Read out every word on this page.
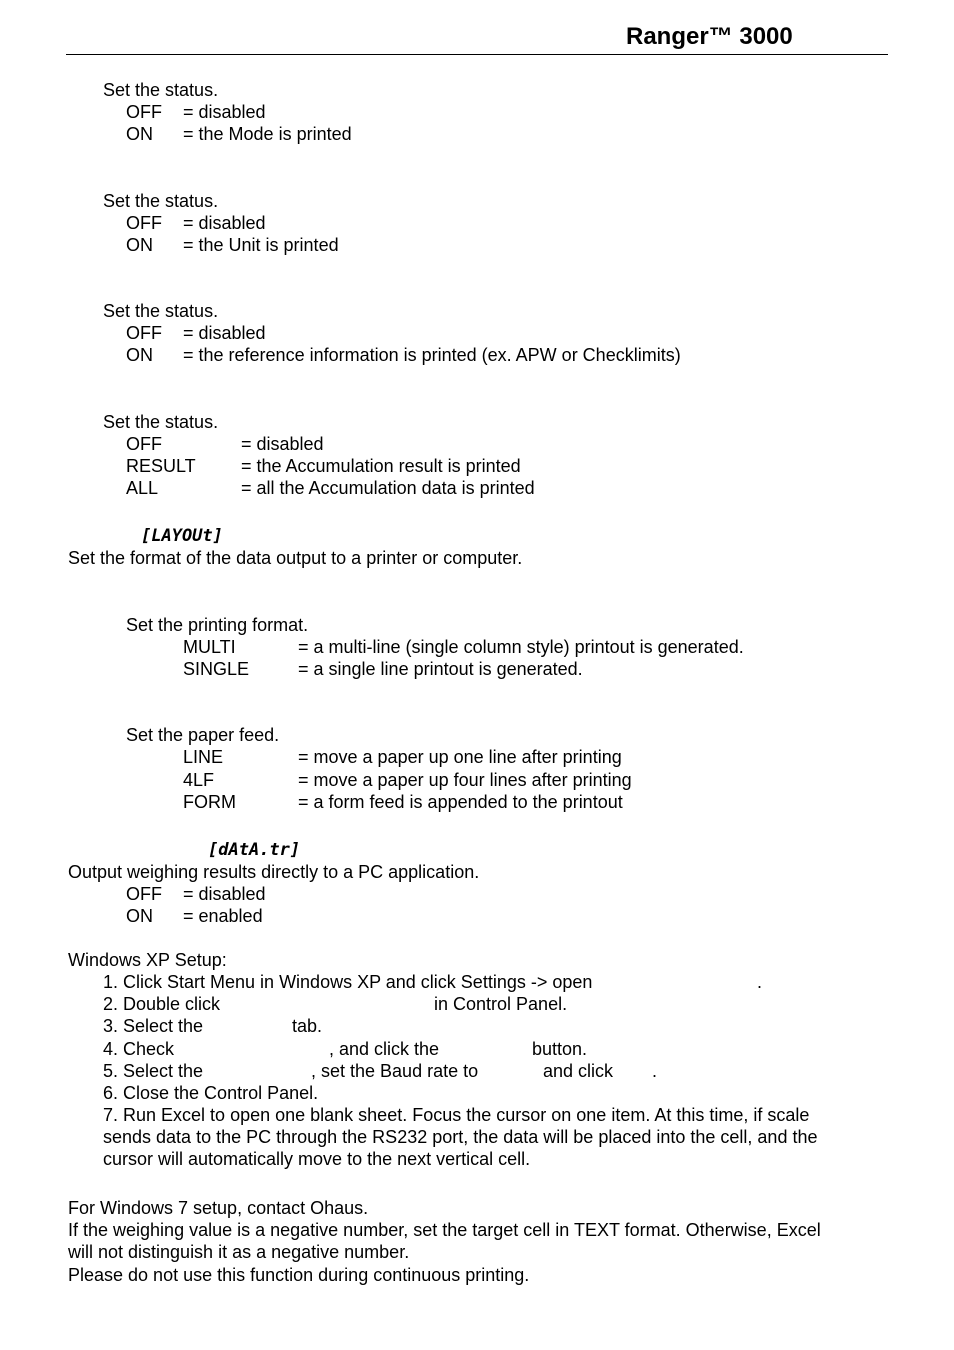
Ranger™ 3000
Set the status.
OFF = disabled
ON = the Mode is printed
Set the status.
OFF = disabled
ON = the Unit is printed
Set the status.
OFF = disabled
ON = the reference information is printed (ex. APW or Checklimits)
Set the status.
OFF	= disabled
RESULT	= the Accumulation result is printed
ALL	= all the Accumulation data is printed
[LAYOUt]
Set the format of the data output to a printer or computer.
Set the printing format.
MULTI	= a multi-line (single column style) printout is generated.
SINGLE	= a single line printout is generated.
Set the paper feed.
LINE	= move a paper up one line after printing
4LF	= move a paper up four lines after printing
FORM	= a form feed is appended to the printout
[dAtA.tr]
Output weighing results directly to a PC application.
OFF = disabled
ON = enabled
Windows XP Setup:
1. Click Start Menu in Windows XP and click Settings -> open	.
2. Double click	in Control Panel.
3. Select the	tab.
4. Check	, and click the	button.
5. Select the	, set the Baud rate to	and click .
6. Close the Control Panel.
7. Run Excel to open one blank sheet. Focus the cursor on one item. At this time, if scale
sends data to the PC through the RS232 port, the data will be placed into the cell, and the
cursor will automatically move to the next vertical cell.
For Windows 7 setup, contact Ohaus.
If the weighing value is a negative number, set the target cell in TEXT format. Otherwise, Excel
will not distinguish it as a negative number.
Please do not use this function during continuous printing.
